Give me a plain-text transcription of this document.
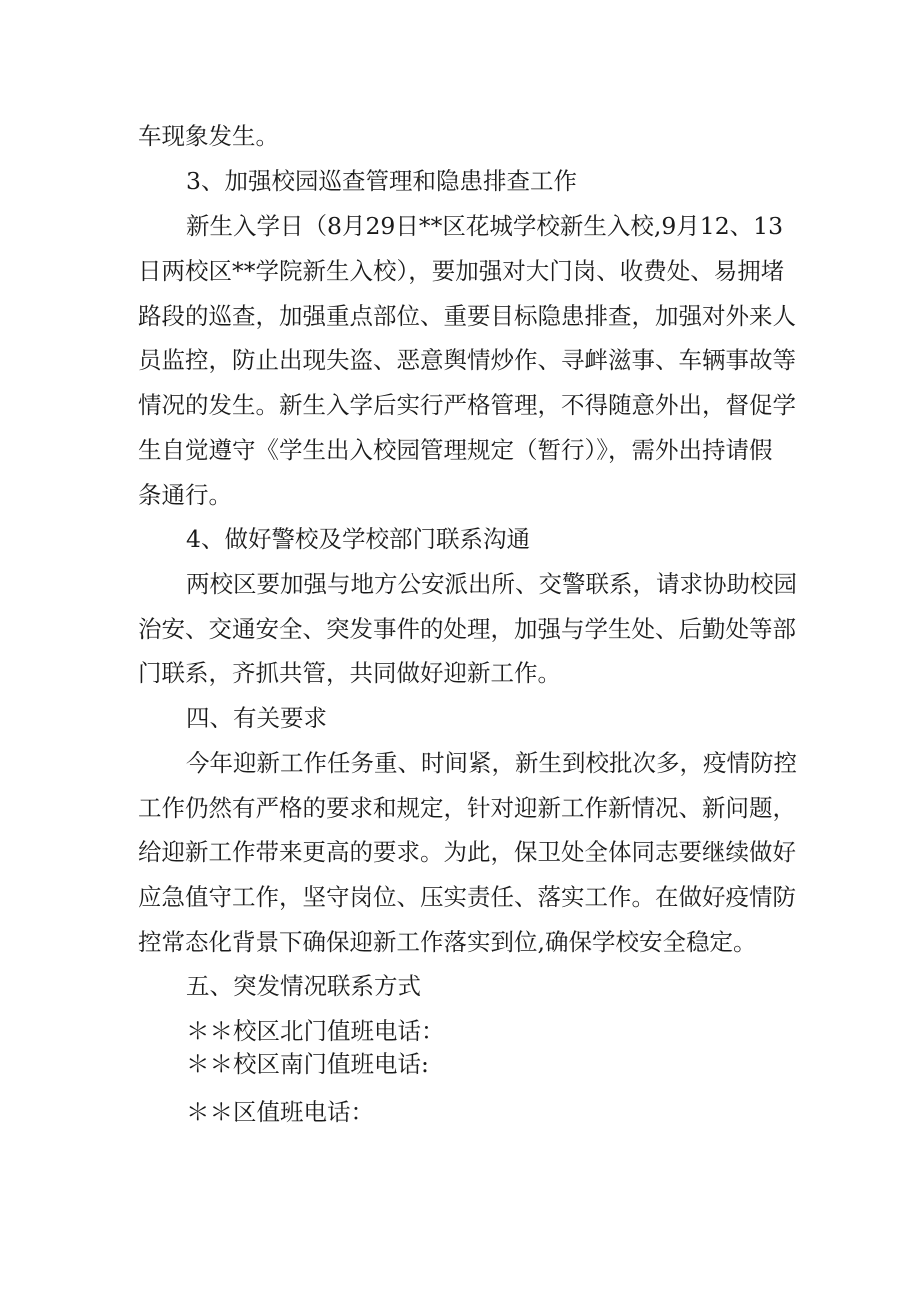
车现象发生。
3、加强校园巡查管理和隐患排查工作
新生入学日（8月29日**区花城学校新生入校,9月12、13
日两校区**学院新生入校），要加强对大门岗、收费处、易拥堵
路段的巡查，加强重点部位、重要目标隐患排查，加强对外来人
员监控，防止出现失盗、恶意舆情炒作、寻衅滋事、车辆事故等
情况的发生。新生入学后实行严格管理，不得随意外出，督促学
生自觉遵守《学生出入校园管理规定（暂行）》，需外出持请假
条通行。
4、做好警校及学校部门联系沟通
两校区要加强与地方公安派出所、交警联系，请求协助校园
治安、交通安全、突发事件的处理，加强与学生处、后勤处等部
门联系，齐抓共管，共同做好迎新工作。
四、有关要求
今年迎新工作任务重、时间紧，新生到校批次多，疫情防控
工作仍然有严格的要求和规定，针对迎新工作新情况、新问题，
给迎新工作带来更高的要求。为此，保卫处全体同志要继续做好
应急值守工作，坚守岗位、压实责任、落实工作。在做好疫情防
控常态化背景下确保迎新工作落实到位,确保学校安全稳定。
五、突发情况联系方式
＊＊校区北门值班电话：
＊＊校区南门值班电话:
＊＊区值班电话：
